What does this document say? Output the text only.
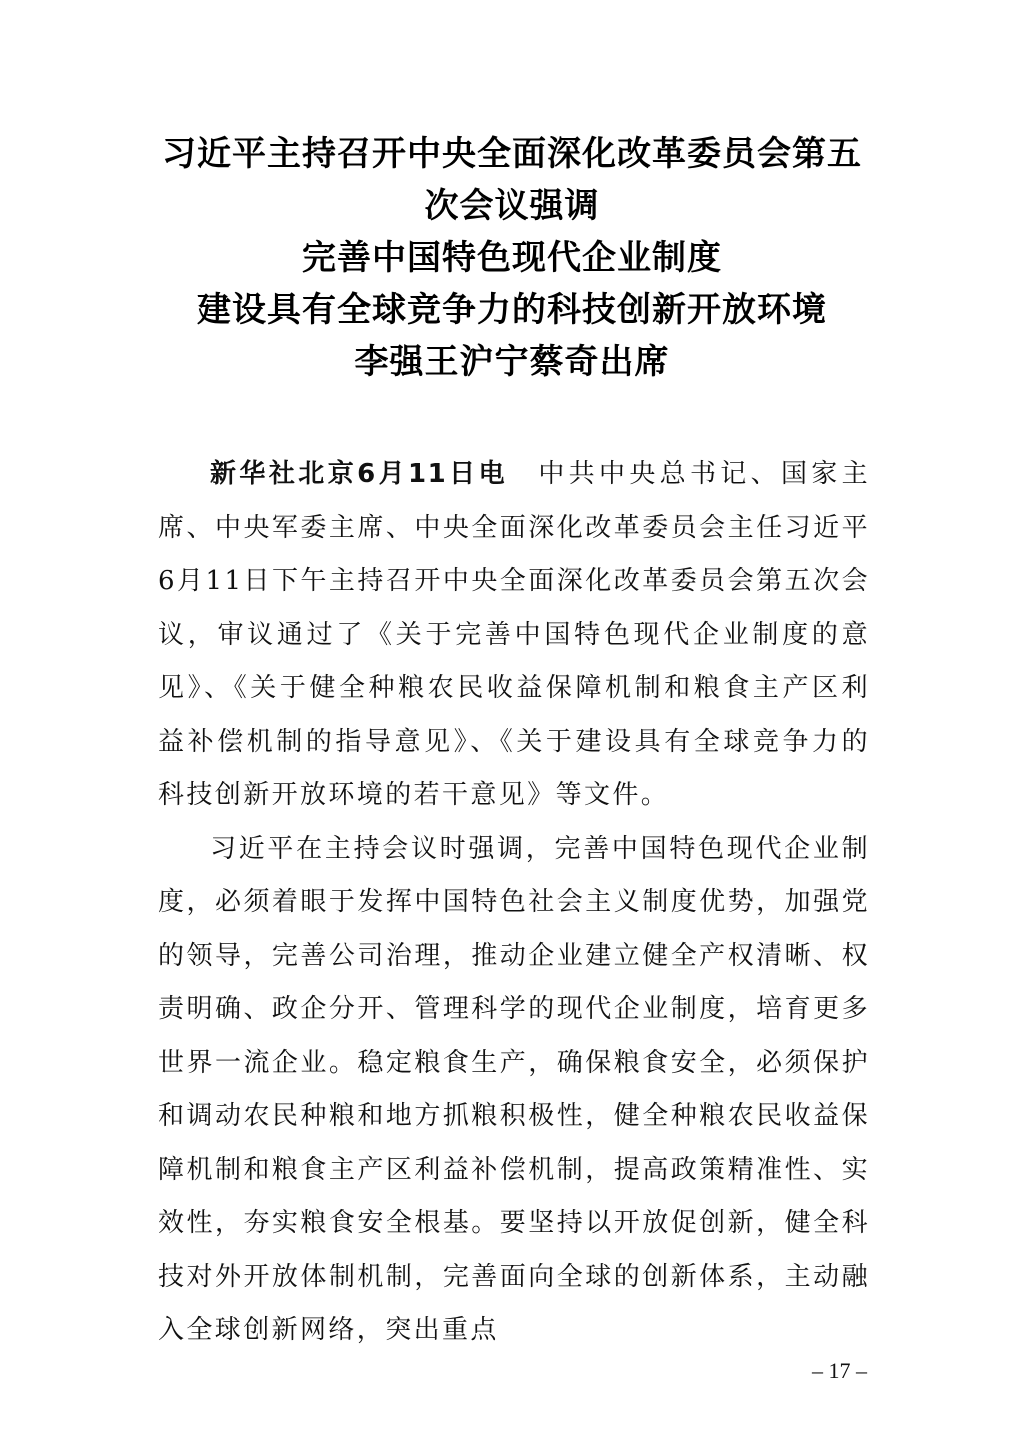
习近平主持召开中央全面深化改革委员会第五
次会议强调
完善中国特色现代企业制度
建设具有全球竞争力的科技创新开放环境
李强王沪宁蔡奇出席

新华社北京6月11日电  中共中央总书记、国家主席、中央军委主席、中央全面深化改革委员会主任习近平6月11日下午主持召开中央全面深化改革委员会第五次会议，审议通过了《关于完善中国特色现代企业制度的意见》、《关于健全种粮农民收益保障机制和粮食主产区利益补偿机制的指导意见》、《关于建设具有全球竞争力的科技创新开放环境的若干意见》等文件。

习近平在主持会议时强调，完善中国特色现代企业制度，必须着眼于发挥中国特色社会主义制度优势，加强党的领导，完善公司治理，推动企业建立健全产权清晰、权责明确、政企分开、管理科学的现代企业制度，培育更多世界一流企业。稳定粮食生产，确保粮食安全，必须保护和调动农民种粮和地方抓粮积极性，健全种粮农民收益保障机制和粮食主产区利益补偿机制，提高政策精准性、实效性，夯实粮食安全根基。要坚持以开放促创新，健全科技对外开放体制机制，完善面向全球的创新体系，主动融入全球创新网络，突出重点

– 17 –
